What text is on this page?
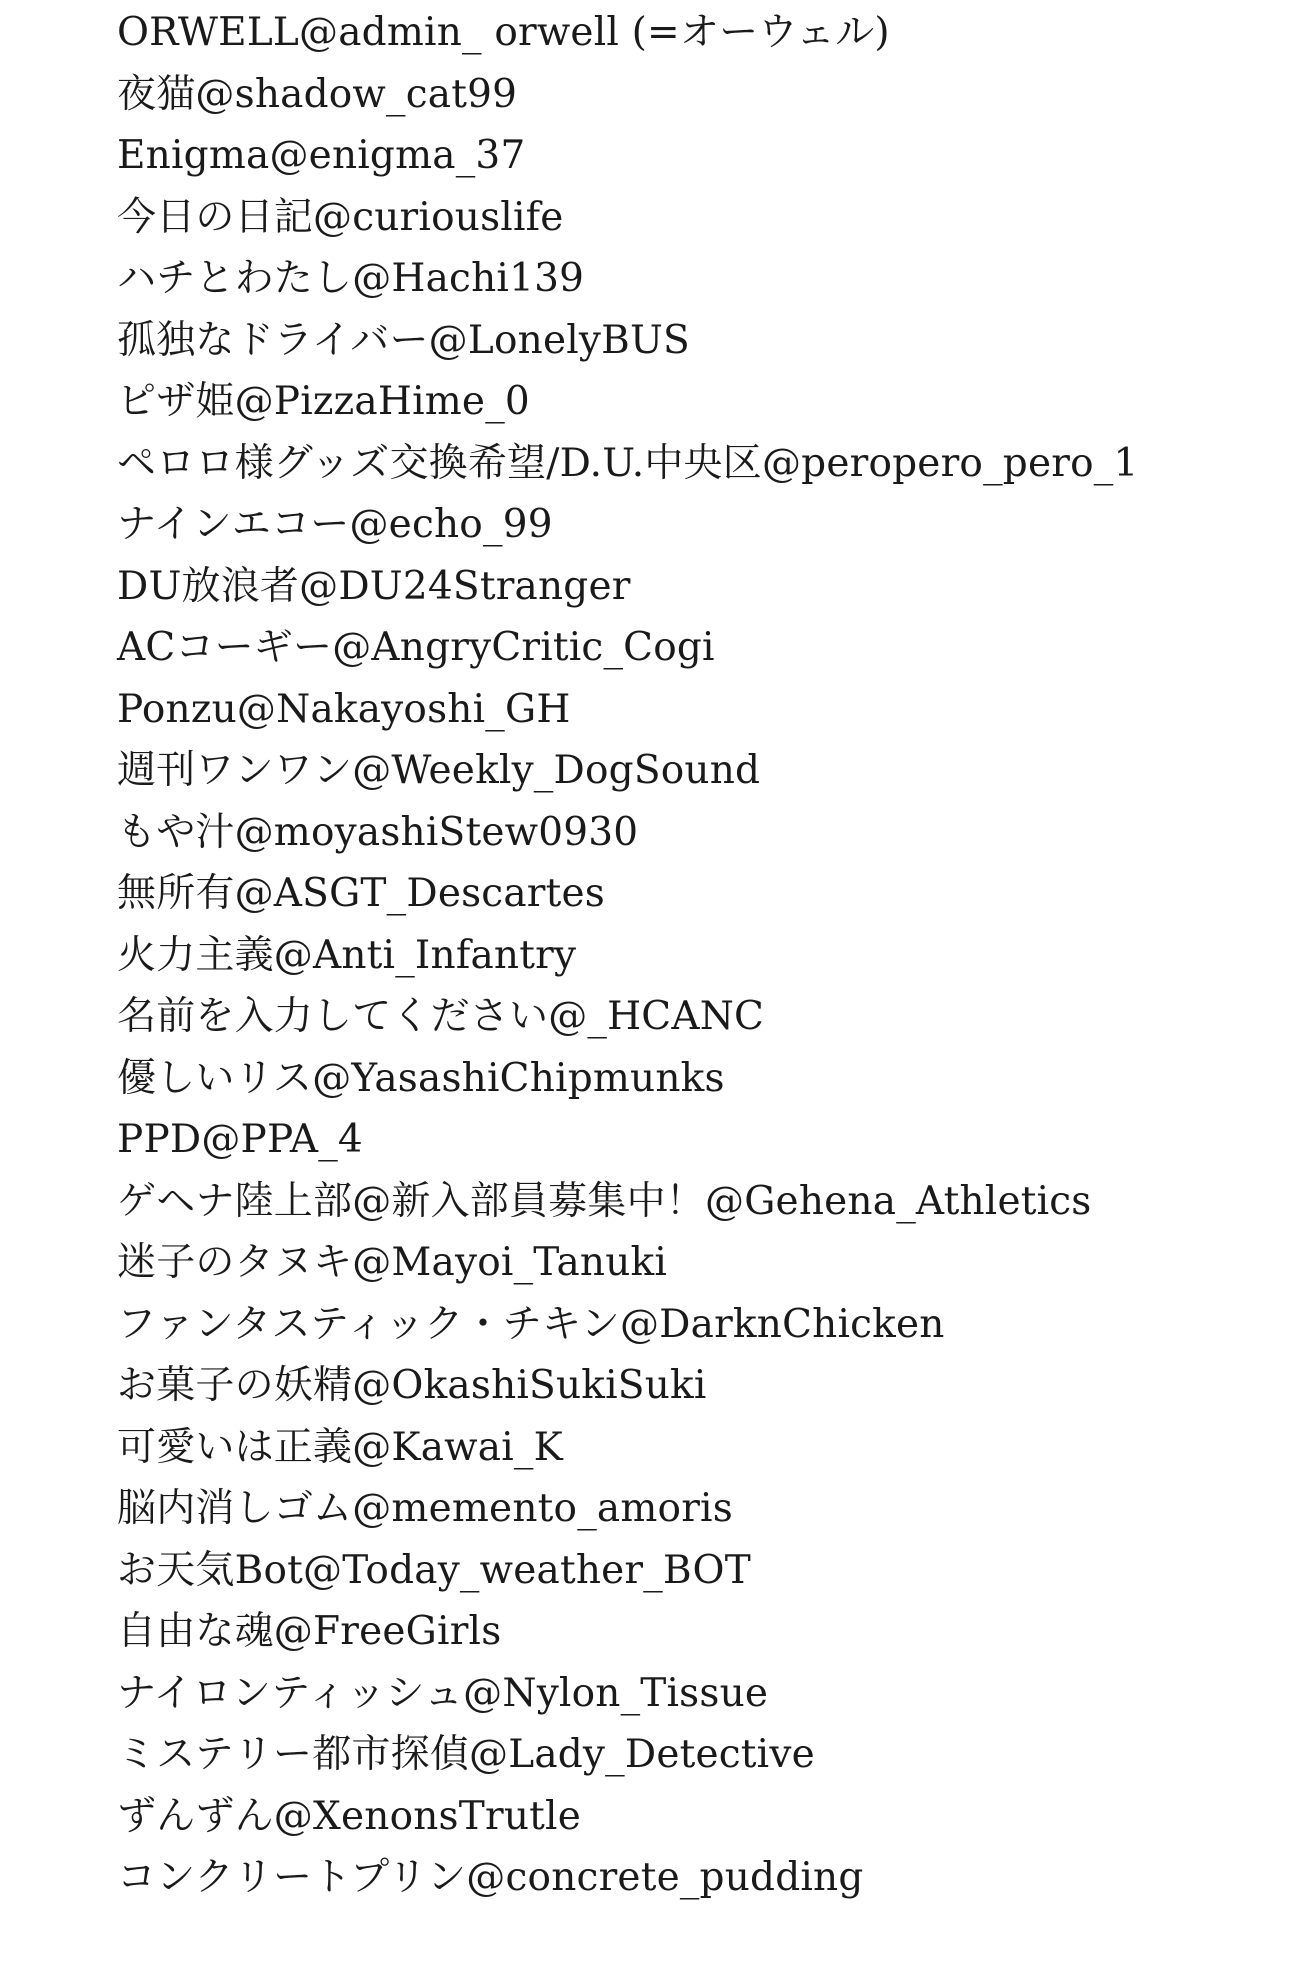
ORWELL@admin_ orwell (=オーウェル)
夜猫@shadow_cat99
Enigma@enigma_37
今日の日記@curiouslife
ハチとわたし@Hachi139
孤独なドライバー@LonelyBUS
ピザ姫@PizzaHime_0
ペロロ様グッズ交換希望/D.U.中央区@peropero_pero_1
ナインエコー@echo_99
DU放浪者@DU24Stranger
ACコーギー@AngryCritic_Cogi
Ponzu@Nakayoshi_GH
週刊ワンワン@Weekly_DogSound
もや汁@moyashiStew0930
無所有@ASGT_Descartes
火力主義@Anti_Infantry
名前を入力してください@_HCANC
優しいリス@YasashiChipmunks
PPD@PPA_4
ゲヘナ陸上部@新入部員募集中！@Gehena_Athletics
迷子のタヌキ@Mayoi_Tanuki
ファンタスティック・チキン@DarknChicken
お菓子の妖精@OkashiSukiSuki
可愛いは正義@Kawai_K
脳内消しゴム@memento_amoris
お天気Bot@Today_weather_BOT
自由な魂@FreeGirls
ナイロンティッシュ@Nylon_Tissue
ミステリー都市探偵@Lady_Detective
ずんずん@XenonsTrutle
コンクリートプリン@concrete_pudding
